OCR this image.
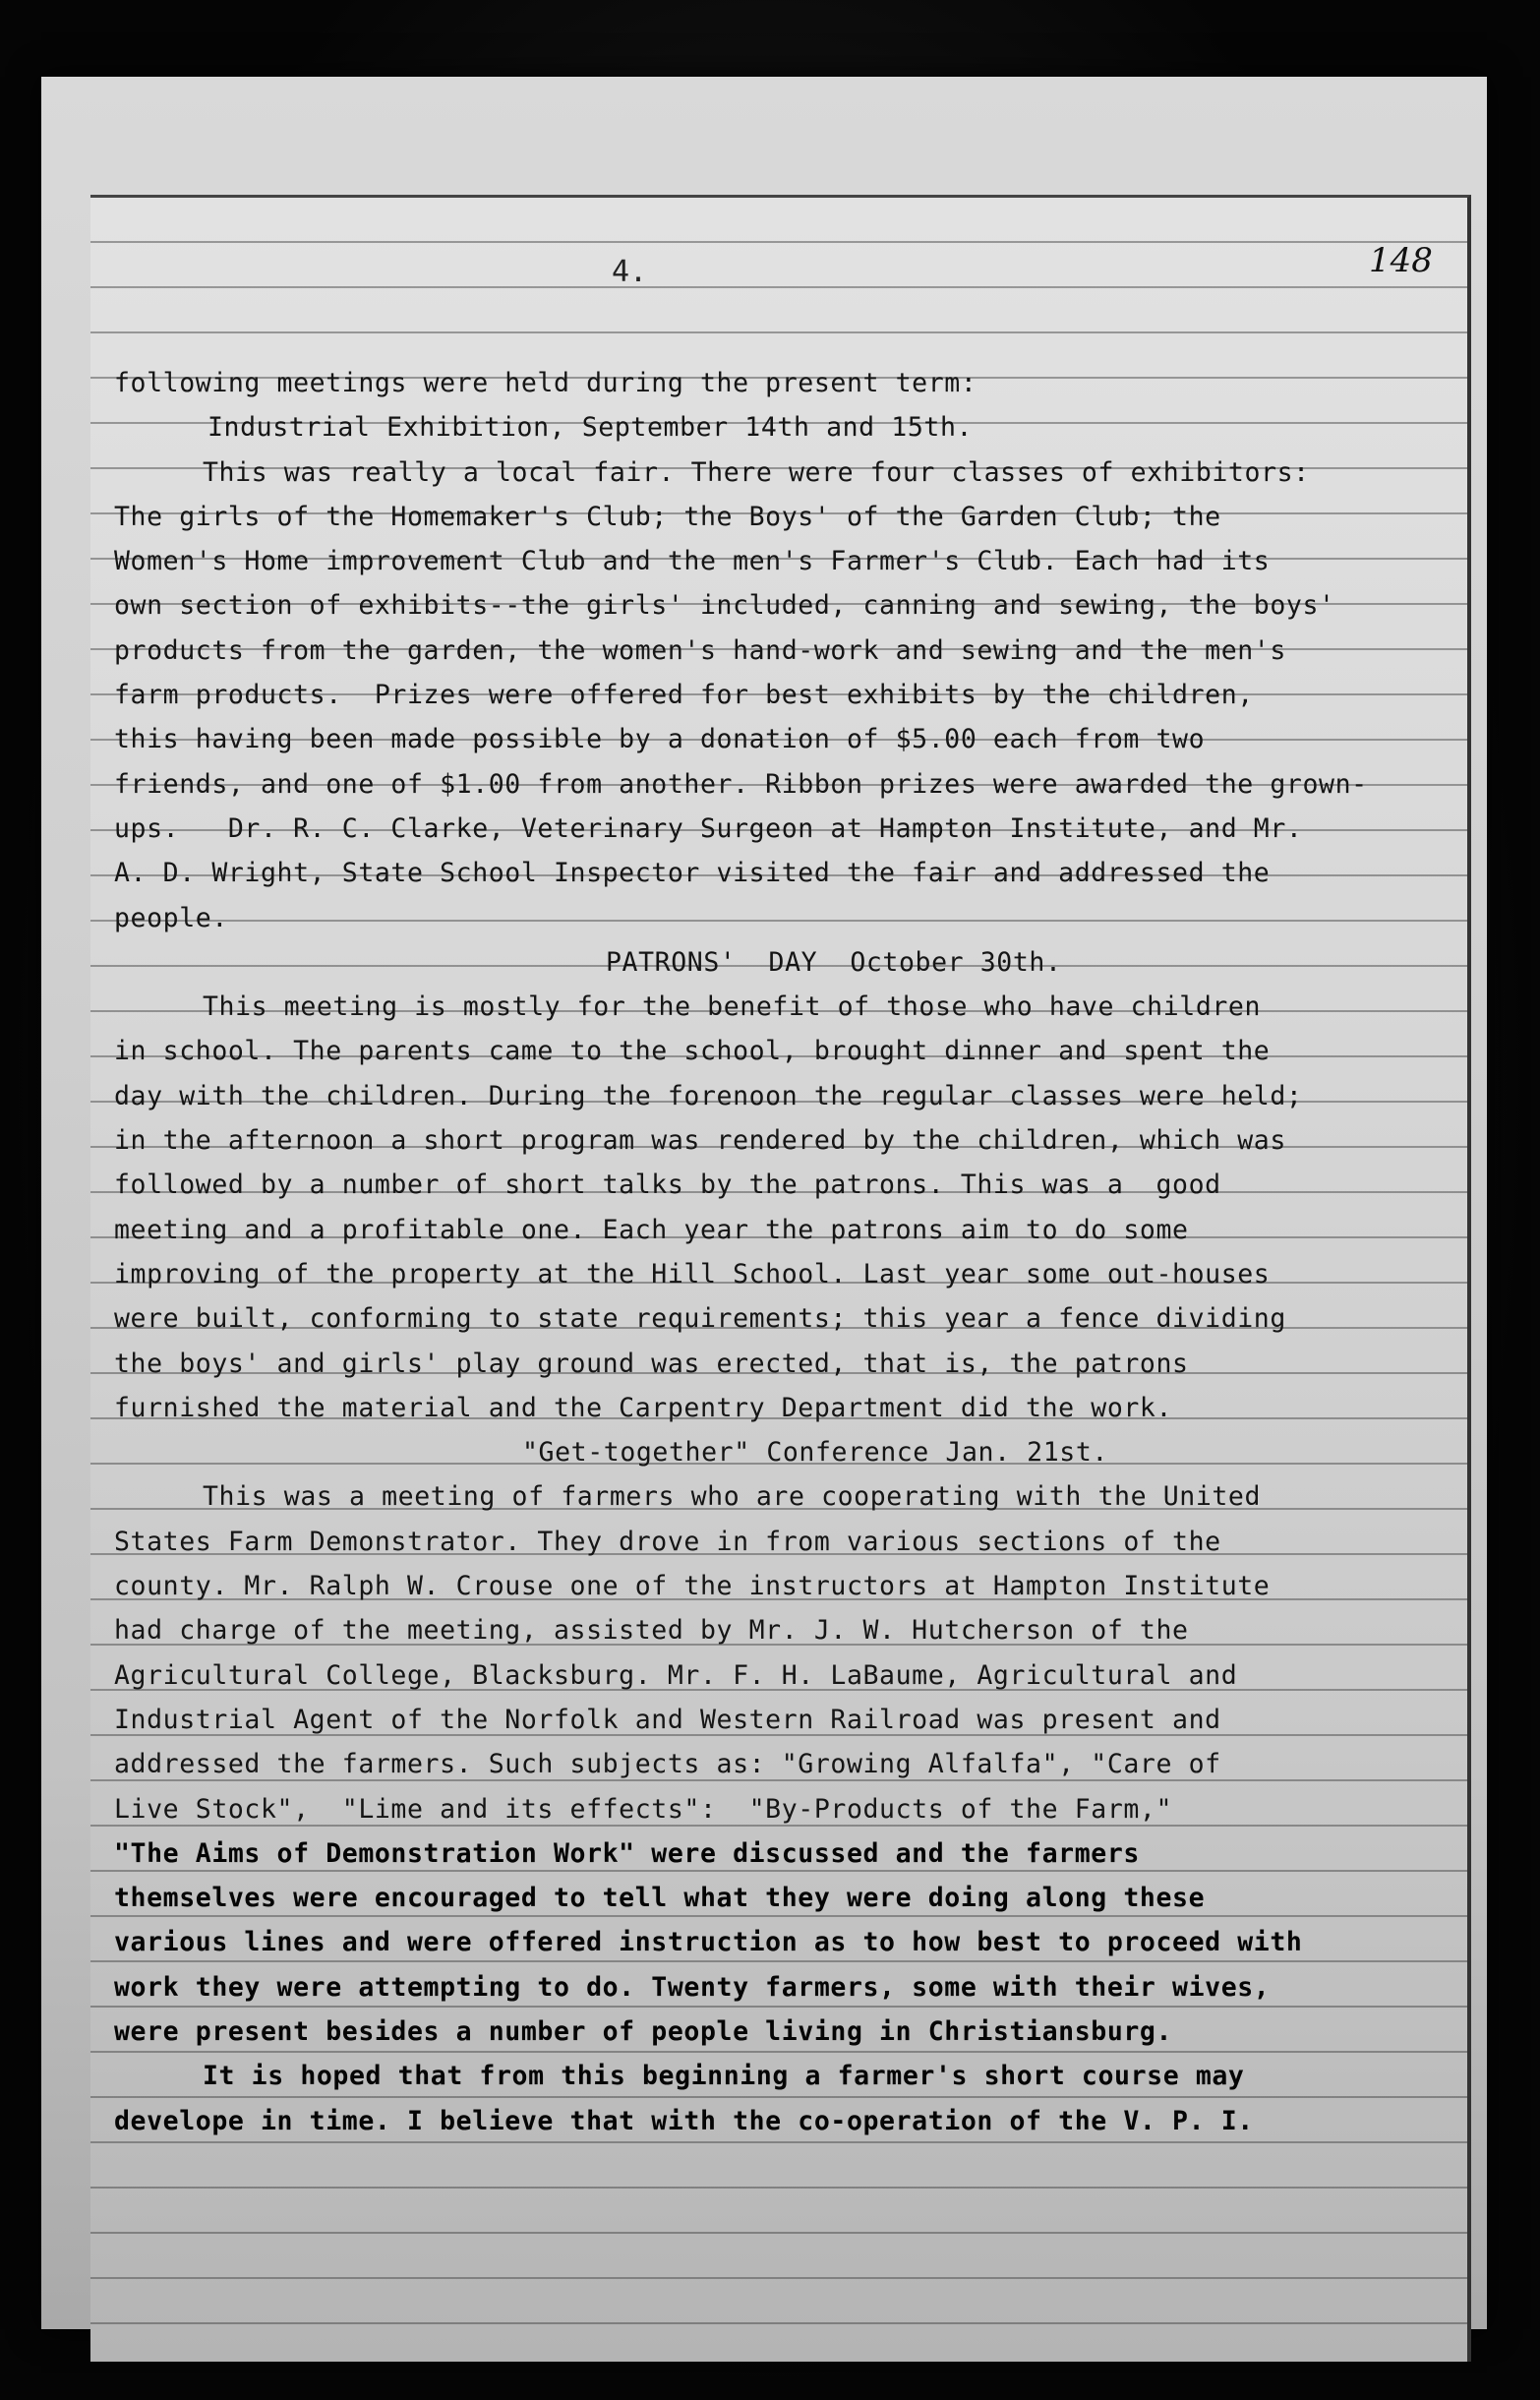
4.	148
following meetings were held during the present term:
Industrial Exhibition, September 14th and 15th.
This was really a local fair. There were four classes of exhibitors:
The girls of the Homemaker's Club; the Boys' of the Garden Club; the
Women's Home improvement Club and the men's Farmer's Club. Each had its
own section of exhibits--the girls' included, canning and sewing, the boys'
products from the garden, the women's hand-work and sewing and the men's
farm products.  Prizes were offered for best exhibits by the children,
this having been made possible by a donation of $5.00 each from two
friends, and one of $1.00 from another. Ribbon prizes were awarded the grown-
ups.   Dr. R. C. Clarke, Veterinary Surgeon at Hampton Institute, and Mr.
A. D. Wright, State School Inspector visited the fair and addressed the
people.
PATRONS'  DAY  October 30th.
This meeting is mostly for the benefit of those who have children
in school. The parents came to the school, brought dinner and spent the
day with the children. During the forenoon the regular classes were held;
in the afternoon a short program was rendered by the children, which was
followed by a number of short talks by the patrons. This was a  good
meeting and a profitable one. Each year the patrons aim to do some
improving of the property at the Hill School. Last year some out-houses
were built, conforming to state requirements; this year a fence dividing
the boys' and girls' play ground was erected, that is, the patrons
furnished the material and the Carpentry Department did the work.
"Get-together" Conference Jan. 21st.
This was a meeting of farmers who are cooperating with the United
States Farm Demonstrator. They drove in from various sections of the
county. Mr. Ralph W. Crouse one of the instructors at Hampton Institute
had charge of the meeting, assisted by Mr. J. W. Hutcherson of the
Agricultural College, Blacksburg. Mr. F. H. LaBaume, Agricultural and
Industrial Agent of the Norfolk and Western Railroad was present and
addressed the farmers. Such subjects as: "Growing Alfalfa", "Care of
Live Stock",  "Lime and its effects":  "By-Products of the Farm,"
"The Aims of Demonstration Work" were discussed and the farmers
themselves were encouraged to tell what they were doing along these
various lines and were offered instruction as to how best to proceed with
work they were attempting to do. Twenty farmers, some with their wives,
were present besides a number of people living in Christiansburg.
It is hoped that from this beginning a farmer's short course may
develope in time. I believe that with the co-operation of the V. P. I.
